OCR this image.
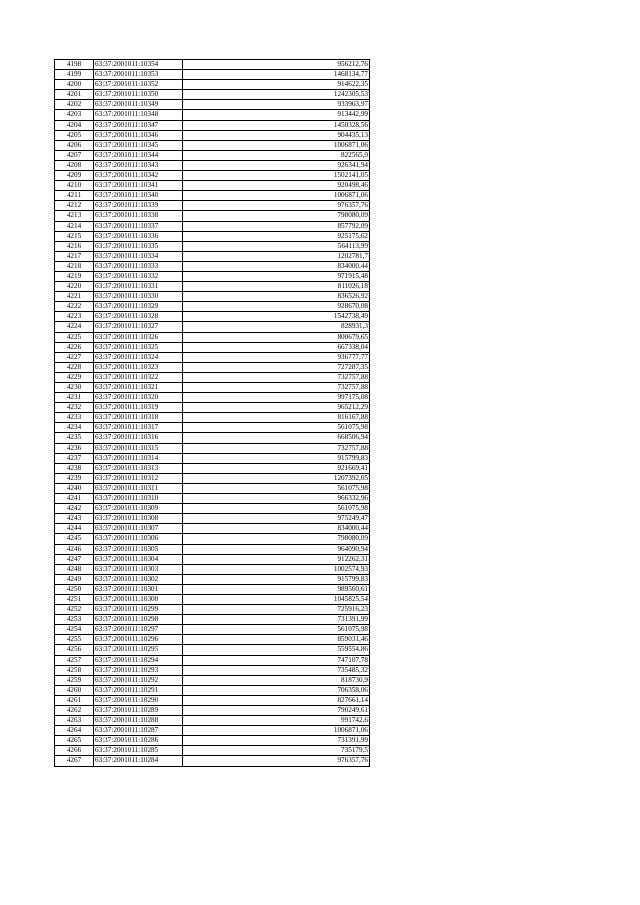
4198	63:37:2001011:10354	956212,76
4199	63:37:2001011:10353	1468134,77
4200	63:37:2001011:10352	914622,35
4201	63:37:2001011:10350	1242305,53
4202	63:37:2001011:10349	933963,97
4203	63:37:2001011:10348	913442,99
4204	63:37:2001011:10347	1450328,56
4205	63:37:2001011:10346	904435,13
4206	63:37:2001011:10345	1006871,06
4207	63:37:2001011:10344	822565,9
4208	63:37:2001011:10343	926341,94
4209	63:37:2001011:10342	1502141,05
4210	63:37:2001011:10341	920498,46
4211	63:37:2001011:10340	1006871,06
4212	63:37:2001011:10339	976357,76
4213	63:37:2001011:10338	798080,09
4214	63:37:2001011:10337	857792,09
4215	63:37:2001011:10336	925175,62
4216	63:37:2001011:10335	564113,99
4217	63:37:2001011:10334	1202781,7
4218	63:37:2001011:10333	834000,44
4219	63:37:2001011:10332	971915,48
4220	63:37:2001011:10331	811026,18
4221	63:37:2001011:10330	836526,92
4222	63:37:2001011:10329	928670,08
4223	63:37:2001011:10328	1542738,49
4224	63:37:2001011:10327	828931,3
4225	63:37:2001011:10326	800679,65
4226	63:37:2001011:10325	667338,04
4227	63:37:2001011:10324	936777,77
4228	63:37:2001011:10323	727287,35
4229	63:37:2001011:10322	732757,88
4230	63:37:2001011:10321	732757,88
4231	63:37:2001011:10320	997175,08
4232	63:37:2001011:10319	965212,29
4233	63:37:2001011:10318	816167,88
4234	63:37:2001011:10317	561075,98
4235	63:37:2001011:10316	668506,94
4236	63:37:2001011:10315	732757,88
4237	63:37:2001011:10314	915799,83
4238	63:37:2001011:10313	921669,41
4239	63:37:2001011:10312	1207392,05
4240	63:37:2001011:10311	561075,98
4241	63:37:2001011:10310	966332,96
4242	63:37:2001011:10309	561075,98
4243	63:37:2001011:10308	975249,47
4244	63:37:2001011:10307	834000,44
4245	63:37:2001011:10306	798080,09
4246	63:37:2001011:10305	964090,94
4247	63:37:2001011:10304	912262,31
4248	63:37:2001011:10303	1002574,93
4249	63:37:2001011:10302	915799,83
4250	63:37:2001011:10301	989560,61
4251	63:37:2001011:10300	1045825,54
4252	63:37:2001011:10299	725916,23
4253	63:37:2001011:10298	731391,99
4254	63:37:2001011:10297	561075,98
4255	63:37:2001011:10296	859031,46
4256	63:37:2001011:10295	559554,86
4257	63:37:2001011:10294	747107,78
4258	63:37:2001011:10293	735485,32
4259	63:37:2001011:10292	818730,9
4260	63:37:2001011:10291	706358,06
4261	63:37:2001011:10290	827661,14
4262	63:37:2001011:10289	790249,61
4263	63:37:2001011:10288	991742,6
4264	63:37:2001011:10287	1006871,06
4265	63:37:2001011:10286	731391,99
4266	63:37:2001011:10285	735179,5
4267	63:37:2001011:10284	976357,76
